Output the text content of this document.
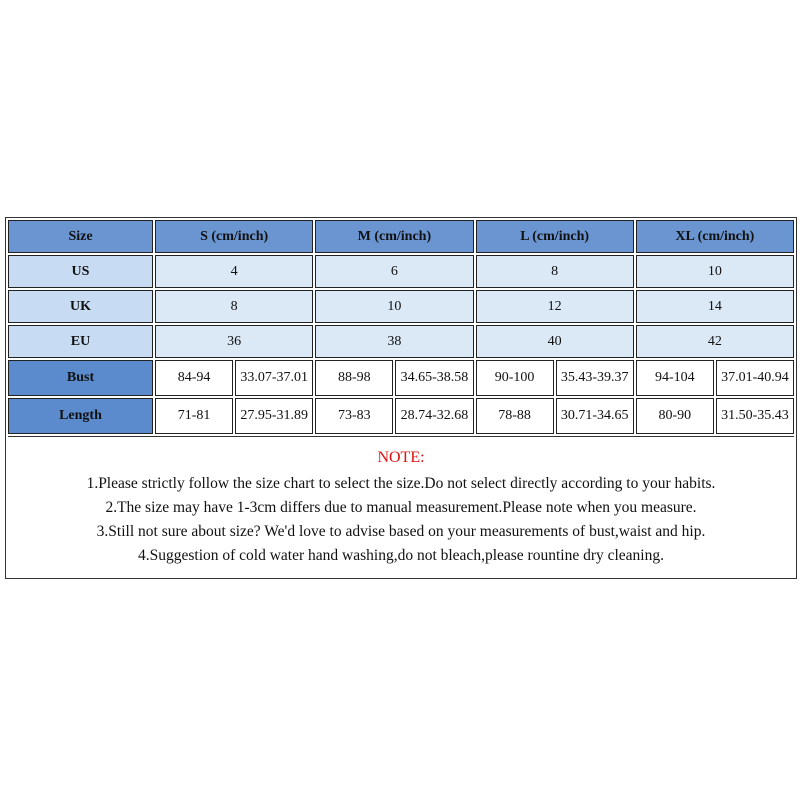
Size	S (cm/inch)		M (cm/inch)		L (cm/inch)		XL (cm/inch)	
US	4		6		8		10	
UK	8		10		12		14	
EU	36		38		40		42	
Bust	84-94	33.07-37.01	88-98	34.65-38.58	90-100	35.43-39.37	94-104	37.01-40.94
Length	71-81	27.95-31.89	73-83	28.74-32.68	78-88	30.71-34.65	80-90	31.50-35.43
NOTE:
1.Please strictly follow the size chart to select the size.Do not select directly according to your habits.
2.The size may have 1-3cm differs due to manual measurement.Please note when you measure.
3.Still not sure about size? We'd love to advise based on your measurements of bust,waist and hip.
4.Suggestion of cold water hand washing,do not bleach,please rountine dry cleaning.
